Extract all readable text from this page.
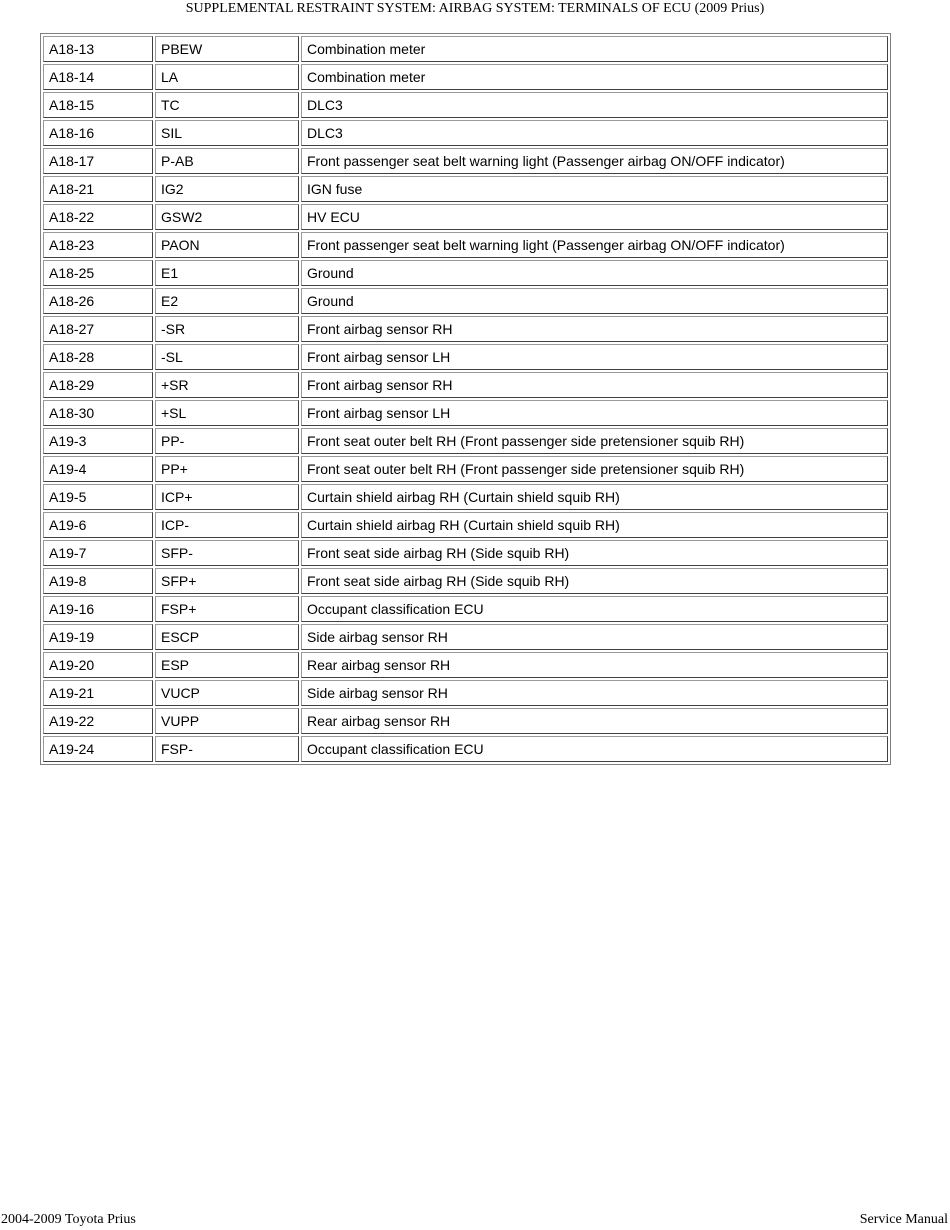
SUPPLEMENTAL RESTRAINT SYSTEM: AIRBAG SYSTEM: TERMINALS OF ECU (2009 Prius)
A18-13	PBEW	Combination meter
A18-14	LA	Combination meter
A18-15	TC	DLC3
A18-16	SIL	DLC3
A18-17	P-AB	Front passenger seat belt warning light (Passenger airbag ON/OFF indicator)
A18-21	IG2	IGN fuse
A18-22	GSW2	HV ECU
A18-23	PAON	Front passenger seat belt warning light (Passenger airbag ON/OFF indicator)
A18-25	E1	Ground
A18-26	E2	Ground
A18-27	-SR	Front airbag sensor RH
A18-28	-SL	Front airbag sensor LH
A18-29	+SR	Front airbag sensor RH
A18-30	+SL	Front airbag sensor LH
A19-3	PP-	Front seat outer belt RH (Front passenger side pretensioner squib RH)
A19-4	PP+	Front seat outer belt RH (Front passenger side pretensioner squib RH)
A19-5	ICP+	Curtain shield airbag RH (Curtain shield squib RH)
A19-6	ICP-	Curtain shield airbag RH (Curtain shield squib RH)
A19-7	SFP-	Front seat side airbag RH (Side squib RH)
A19-8	SFP+	Front seat side airbag RH (Side squib RH)
A19-16	FSP+	Occupant classification ECU
A19-19	ESCP	Side airbag sensor RH
A19-20	ESP	Rear airbag sensor RH
A19-21	VUCP	Side airbag sensor RH
A19-22	VUPP	Rear airbag sensor RH
A19-24	FSP-	Occupant classification ECU
2004-2009 Toyota Prius	Service Manual
